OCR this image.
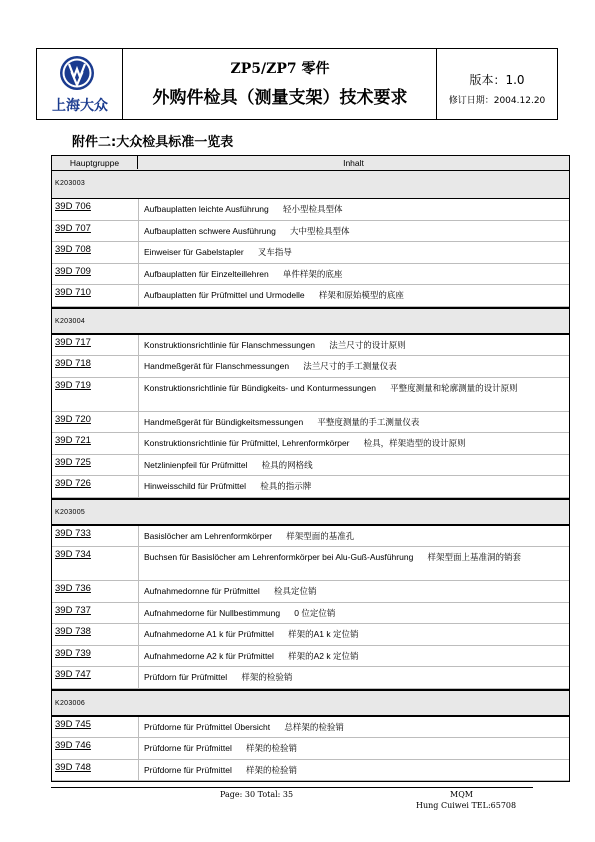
上海大众
ZP5/ZP7 零件
外购件检具（测量支架）技术要求
版本：1.0
修订日期：2004.12.20
附件二:大众检具标准一览表
Hauptgruppe	Inhalt
K203003
39D 706	Aufbauplatten leichte Ausführung 轻小型检具型体
39D 707	Aufbauplatten schwere Ausführung 大中型检具型体
39D 708	Einweiser für Gabelstapler 叉车指导
39D 709	Aufbauplatten für Einzelteillehren 单件样架的底座
39D 710	Aufbauplatten für Prüfmittel und Urmodelle 样架和原始模型的底座
K203004
39D 717	Konstruktionsrichtlinie für Flanschmessungen 法兰尺寸的设计原则
39D 718	Handmeßgerät für Flanschmessungen 法兰尺寸的手工测量仪表
39D 719	Konstruktionsrichtlinie für Bündigkeits- und Konturmessungen 平整度测量和轮廓测量的设计原则
39D 720	Handmeßgerät für Bündigkeitsmessungen 平整度测量的手工测量仪表
39D 721	Konstruktionsrichtlinie für Prüfmittel, Lehrenformkörper 检具，样架造型的设计原则
39D 725	Netzlinienpfeil für Prüfmittel 检具的网格线
39D 726	Hinweisschild für Prüfmittel 检具的指示牌
K203005
39D 733	Basislöcher am Lehrenformkörper 样架型面的基准孔
39D 734	Buchsen für Basislöcher am Lehrenformkörper bei Alu-Guß-Ausführung 样架型面上基准洞的销套
39D 736	Aufnahmedornne für Prüfmittel 检具定位销
39D 737	Aufnahmedorne für Nullbestimmung 0 位定位销
39D 738	Aufnahmedorne A1 k für Prüfmittel 样架的A1 k 定位销
39D 739	Aufnahmedorne A2 k für Prüfmittel 样架的A2 k 定位销
39D 747	Prüfdorn für Prüfmittel 样架的检验销
K203006
39D 745	Prüfdorne für Prüfmittel Übersicht 总样架的检验销
39D 746	Prüfdorne für Prüfmittel 样架的检验销
39D 748	Prüfdorne für Prüfmittel 样架的检验销
Page: 30 Total: 35	MQM
Hung Cuiwei TEL:65708
